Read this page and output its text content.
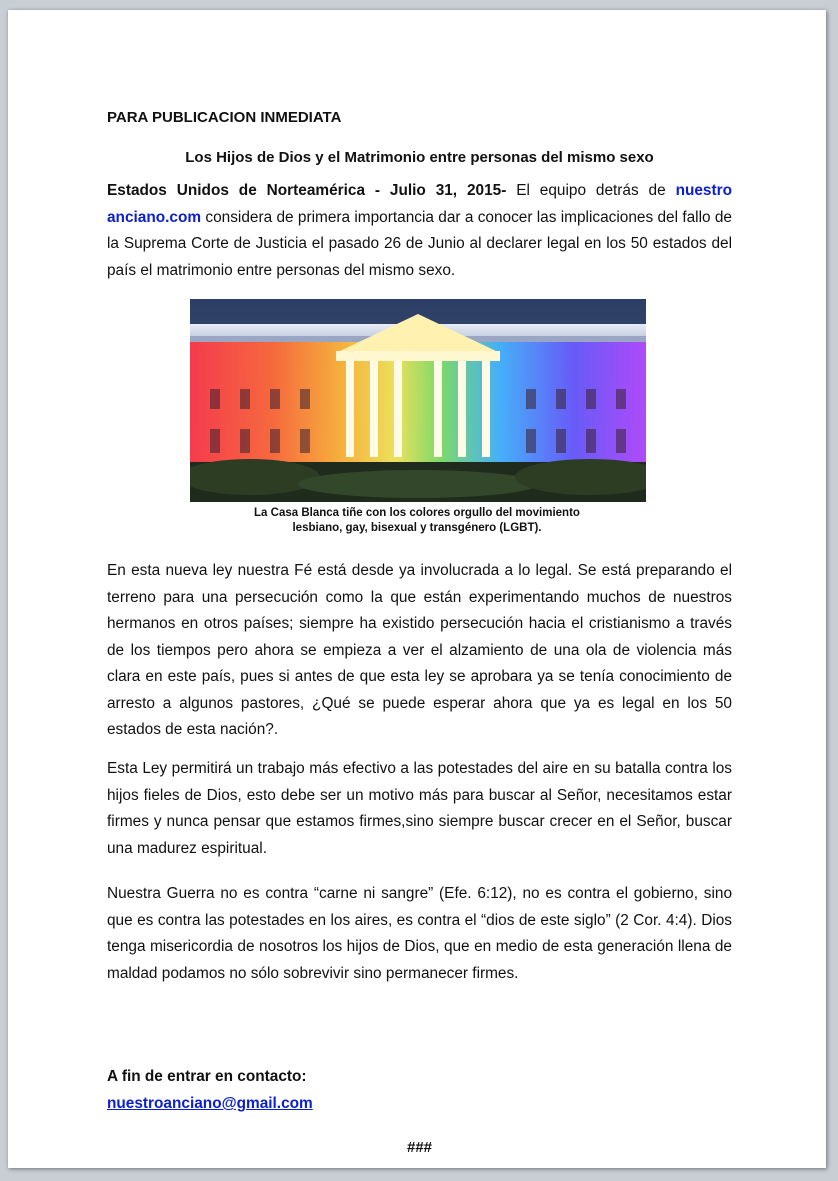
PARA PUBLICACION INMEDIATA
Los Hijos de Dios y el Matrimonio entre personas del mismo sexo

Estados Unidos de Norteamérica - Julio 31, 2015- El equipo detrás de nuestro anciano.com considera de primera importancia dar a conocer las implicaciones del fallo de la Suprema Corte de Justicia el pasado 26 de Junio al declarer legal en los 50 estados del país el matrimonio entre personas del mismo sexo.

La Casa Blanca tiñe con los colores orgullo del movimiento
lesbiano, gay, bisexual y transgénero (LGBT).

En esta nueva ley nuestra Fé está desde ya involucrada a lo legal. Se está preparando el terreno para una persecución como la que están experimentando muchos de nuestros hermanos en otros países; siempre ha existido persecución hacia el cristianismo a través de los tiempos pero ahora se empieza a ver el alzamiento de una ola de violencia más clara en este país, pues si antes de que esta ley se aprobara ya se tenía conocimiento de arresto a algunos pastores, ¿Qué se puede esperar ahora que ya es legal en los 50 estados de esta nación?.

Esta Ley permitirá un trabajo más efectivo a las potestades del aire en su batalla contra los hijos fieles de Dios, esto debe ser un motivo más para buscar al Señor, necesitamos estar firmes y nunca pensar que estamos firmes,sino siempre buscar crecer en el Señor, buscar una madurez espiritual.

Nuestra Guerra no es contra “carne ni sangre” (Efe. 6:12), no es contra el gobierno, sino que es contra las potestades en los aires, es contra el “dios de este siglo” (2 Cor. 4:4). Dios tenga misericordia de nosotros los hijos de Dios, que en medio de esta generación llena de maldad podamos no sólo sobrevivir sino permanecer firmes.

A fin de entrar en contacto:
nuestroanciano@gmail.com
###
